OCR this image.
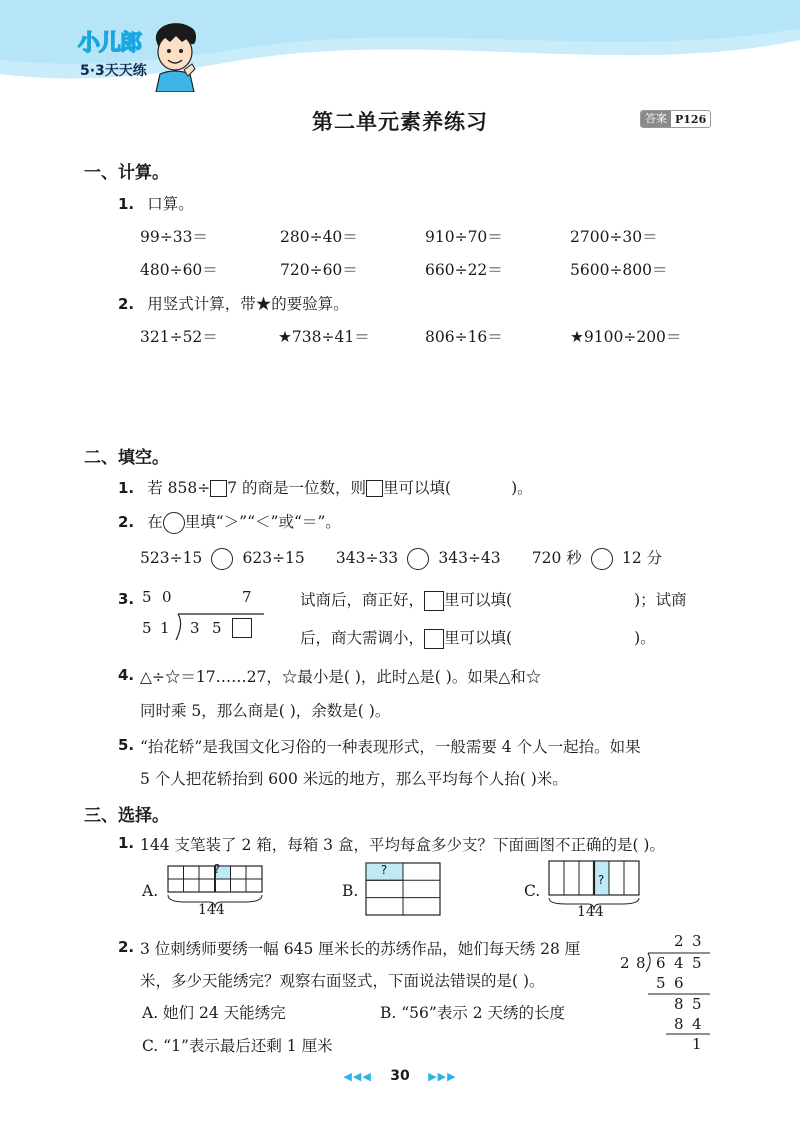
小儿郎
5·3天天练
第二单元素养练习	答案 P126
一、计算。
1. 口算。
99÷33＝	280÷40＝	910÷70＝	2700÷30＝
480÷60＝	720÷60＝	660÷22＝	5600÷800＝
2. 用竖式计算，带★的要验算。
321÷52＝	★738÷41＝	806÷16＝	★9100÷200＝
二、填空。
1. 若 858÷ 7 的商是一位数，则 里可以填(	)。
2. 在 里填“＞”“＜”或“＝”。
523÷15	623÷15 343÷33	343÷43 720 秒	12 分
3. 5 0	7
5 1 3 5
试商后，商正好， 里可以填(	)；试商
后，商大需调小， 里可以填(	)。
4. △÷☆＝17……27，☆最小是( )，此时△是( )。如果△和☆
同时乘 5，那么商是( )，余数是( )。
5. “抬花轿”是我国文化习俗的一种表现形式，一般需要 4 个人一起抬。如果
5 个人把花轿抬到 600 米远的地方，那么平均每个人抬( )米。
三、选择。
1. 144 支笔装了 2 箱，每箱 3 盒，平均每盒多少支？下面画图不正确的是( )。
A.
?
144
B.
?
C.
?
144
2. 3 位刺绣师要绣一幅 645 厘米长的苏绣作品，她们每天绣 28 厘
米，多少天能绣完？观察右面竖式，下面说法错误的是( )。
A. 她们 24 天能绣完	B. “56”表示 2 天绣的长度
C. “1”表示最后还剩 1 厘米
2 3
2 8 6 4 5
5 6
8 5
8 4
1
◀◀◀ 30 ▶▶▶
